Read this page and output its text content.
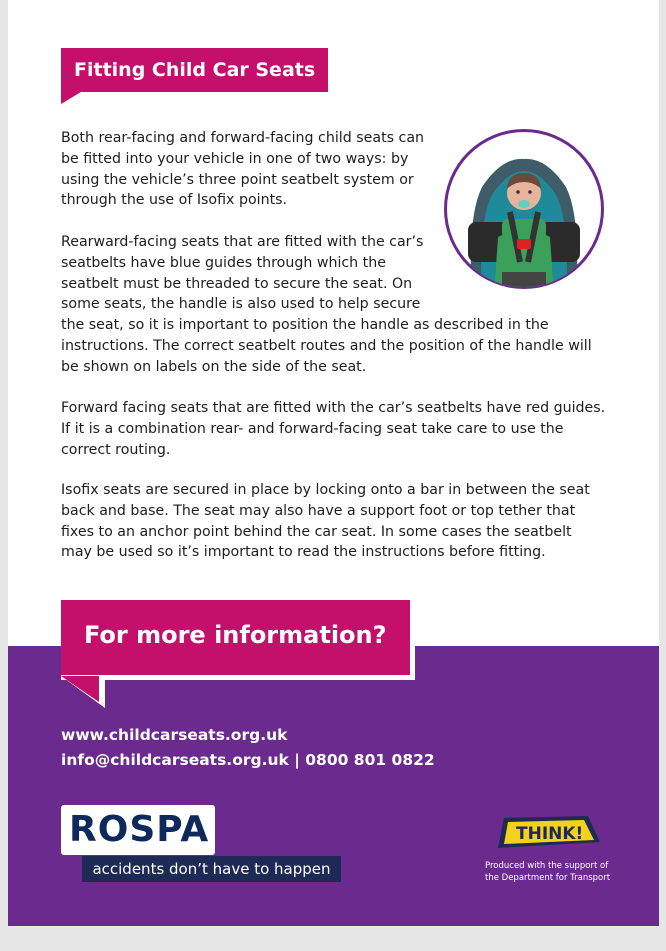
Fitting Child Car Seats

Both rear-facing and forward-facing child seats can
be fitted into your vehicle in one of two ways: by
using the vehicle’s three point seatbelt system or
through the use of Isofix points.

Rearward-facing seats that are fitted with the car’s
seatbelts have blue guides through which the
seatbelt must be threaded to secure the seat. On
some seats, the handle is also used to help secure
the seat, so it is important to position the handle as described in the
instructions. The correct seatbelt routes and the position of the handle will
be shown on labels on the side of the seat.

Forward facing seats that are fitted with the car’s seatbelts have red guides.
If it is a combination rear- and forward-facing seat take care to use the
correct routing.

Isofix seats are secured in place by locking onto a bar in between the seat
back and base. The seat may also have a support foot or top tether that
fixes to an anchor point behind the car seat. In some cases the seatbelt
may be used so it’s important to read the instructions before fitting.

For more information?
www.childcarseats.org.uk
info@childcarseats.org.uk | 0800 801 0822
ROSPA
accidents don’t have to happen
THINK!
Produced with the support of
the Department for Transport
